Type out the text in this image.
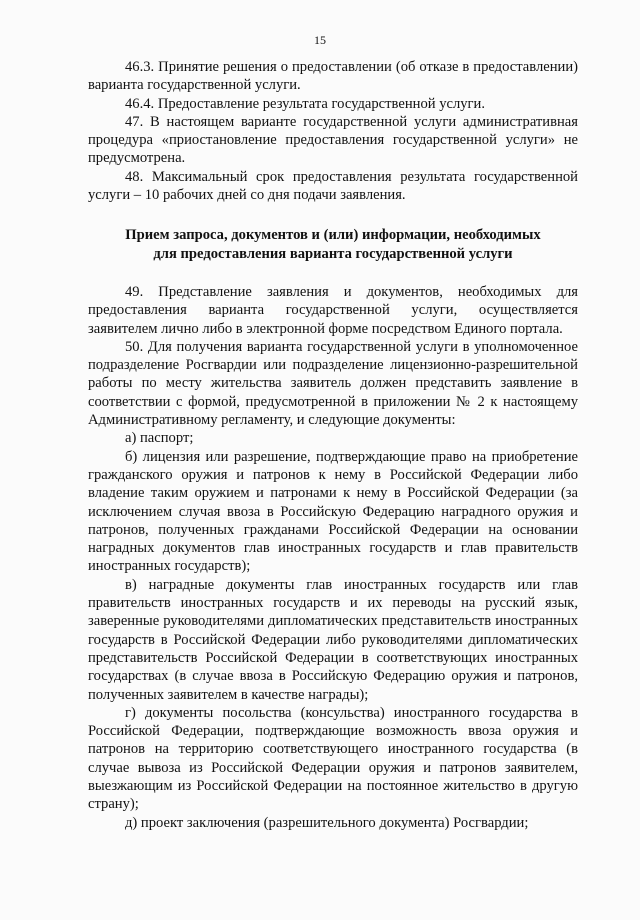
15

46.3. Принятие решения о предоставлении (об отказе в предоставлении) варианта государственной услуги.

46.4. Предоставление результата государственной услуги.

47. В настоящем варианте государственной услуги административная процедура «приостановление предоставления государственной услуги» не предусмотрена.

48. Максимальный срок предоставления результата государственной услуги – 10 рабочих дней со дня подачи заявления.

Прием запроса, документов и (или) информации, необходимых
для предоставления варианта государственной услуги

49. Представление заявления и документов, необходимых для предоставления варианта государственной услуги, осуществляется заявителем лично либо в электронной форме посредством Единого портала.

50. Для получения варианта государственной услуги в уполномоченное подразделение Росгвардии или подразделение лицензионно-разрешительной работы по месту жительства заявитель должен представить заявление в соответствии с формой, предусмотренной в приложении № 2 к настоящему Административному регламенту, и следующие документы:

а) паспорт;

б) лицензия или разрешение, подтверждающие право на приобретение гражданского оружия и патронов к нему в Российской Федерации либо владение таким оружием и патронами к нему в Российской Федерации (за исключением случая ввоза в Российскую Федерацию наградного оружия и патронов, полученных гражданами Российской Федерации на основании наградных документов глав иностранных государств и глав правительств иностранных государств);

в) наградные документы глав иностранных государств или глав правительств иностранных государств и их переводы на русский язык, заверенные руководителями дипломатических представительств иностранных государств в Российской Федерации либо руководителями дипломатических представительств Российской Федерации в соответствующих иностранных государствах (в случае ввоза в Российскую Федерацию оружия и патронов, полученных заявителем в качестве награды);

г) документы посольства (консульства) иностранного государства в Российской Федерации, подтверждающие возможность ввоза оружия и патронов на территорию соответствующего иностранного государства (в случае вывоза из Российской Федерации оружия и патронов заявителем, выезжающим из Российской Федерации на постоянное жительство в другую страну);

д) проект заключения (разрешительного документа) Росгвардии;
